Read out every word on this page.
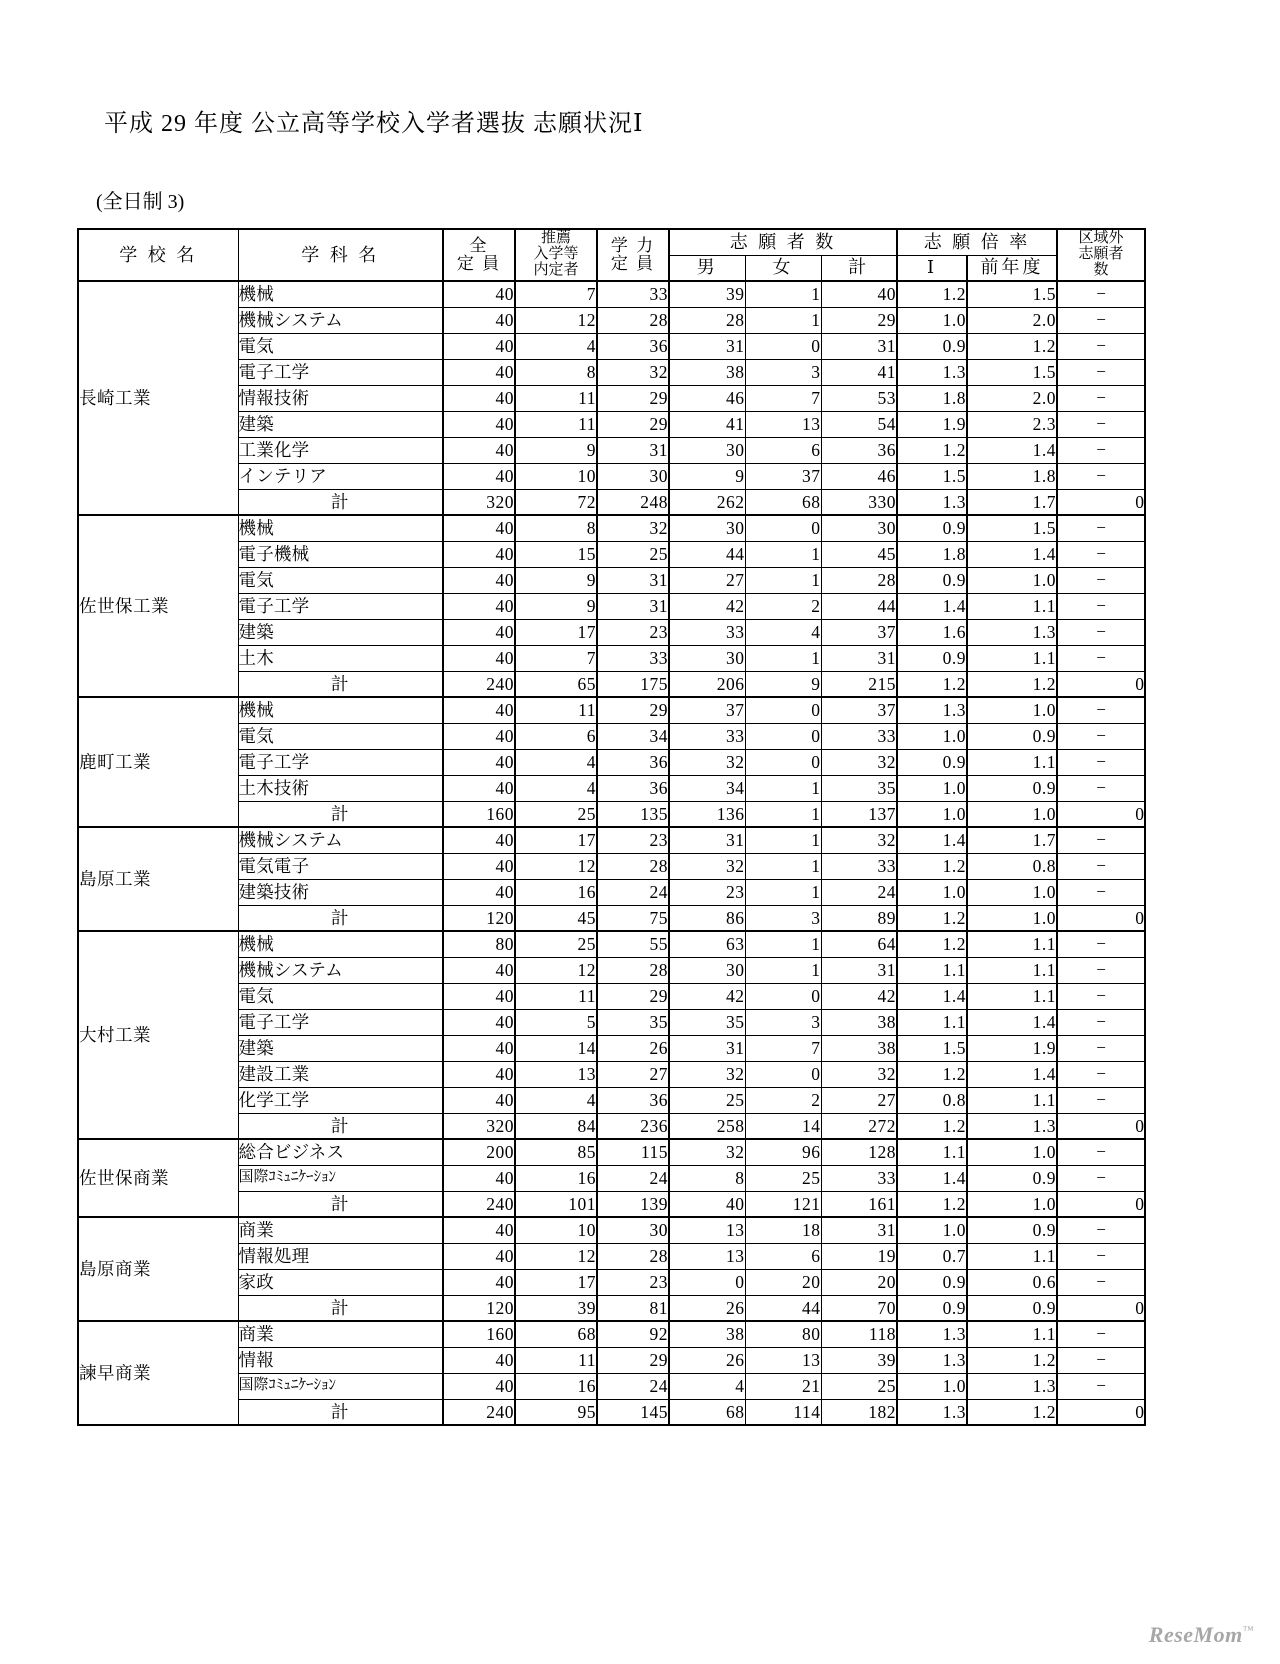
平成 29 年度 公立高等学校入学者選抜 志願状況Ⅰ
(全日制 3)
学 校 名	学 科 名	全
定 員

推薦
入学等
内定者

学 力
定 員
	志 願 者 数	志 願 倍 率	区域外
志願者
数

					男	女	計	Ⅰ	前年度	
長崎工業	機械	40	7	33	39	1	40	1.2	1.5	−
	機械システム	40	12	28	28	1	29	1.0	2.0	−
	電気	40	4	36	31	0	31	0.9	1.2	−
	電子工学	40	8	32	38	3	41	1.3	1.5	−
	情報技術	40	11	29	46	7	53	1.8	2.0	−
	建築	40	11	29	41	13	54	1.9	2.3	−
	工業化学	40	9	31	30	6	36	1.2	1.4	−
	インテリア	40	10	30	9	37	46	1.5	1.8	−
	計	320	72	248	262	68	330	1.3	1.7	0
佐世保工業	機械	40	8	32	30	0	30	0.9	1.5	−
	電子機械	40	15	25	44	1	45	1.8	1.4	−
	電気	40	9	31	27	1	28	0.9	1.0	−
	電子工学	40	9	31	42	2	44	1.4	1.1	−
	建築	40	17	23	33	4	37	1.6	1.3	−
	土木	40	7	33	30	1	31	0.9	1.1	−
	計	240	65	175	206	9	215	1.2	1.2	0
鹿町工業	機械	40	11	29	37	0	37	1.3	1.0	−
	電気	40	6	34	33	0	33	1.0	0.9	−
	電子工学	40	4	36	32	0	32	0.9	1.1	−
	土木技術	40	4	36	34	1	35	1.0	0.9	−
	計	160	25	135	136	1	137	1.0	1.0	0
島原工業	機械システム	40	17	23	31	1	32	1.4	1.7	−
	電気電子	40	12	28	32	1	33	1.2	0.8	−
	建築技術	40	16	24	23	1	24	1.0	1.0	−
	計	120	45	75	86	3	89	1.2	1.0	0
大村工業	機械	80	25	55	63	1	64	1.2	1.1	−
	機械システム	40	12	28	30	1	31	1.1	1.1	−
	電気	40	11	29	42	0	42	1.4	1.1	−
	電子工学	40	5	35	35	3	38	1.1	1.4	−
	建築	40	14	26	31	7	38	1.5	1.9	−
	建設工業	40	13	27	32	0	32	1.2	1.4	−
	化学工学	40	4	36	25	2	27	0.8	1.1	−
	計	320	84	236	258	14	272	1.2	1.3	0
佐世保商業	総合ビジネス	200	85	115	32	96	128	1.1	1.0	−
	国際ｺﾐｭﾆｹｰｼｮﾝ	40	16	24	8	25	33	1.4	0.9	−
	計	240	101	139	40	121	161	1.2	1.0	0
島原商業	商業	40	10	30	13	18	31	1.0	0.9	−
	情報処理	40	12	28	13	6	19	0.7	1.1	−
	家政	40	17	23	0	20	20	0.9	0.6	−
	計	120	39	81	26	44	70	0.9	0.9	0
諫早商業	商業	160	68	92	38	80	118	1.3	1.1	−
	情報	40	11	29	26	13	39	1.3	1.2	−
	国際ｺﾐｭﾆｹｰｼｮﾝ	40	16	24	4	21	25	1.0	1.3	−
	計	240	95	145	68	114	182	1.3	1.2	0
ReseMom™
